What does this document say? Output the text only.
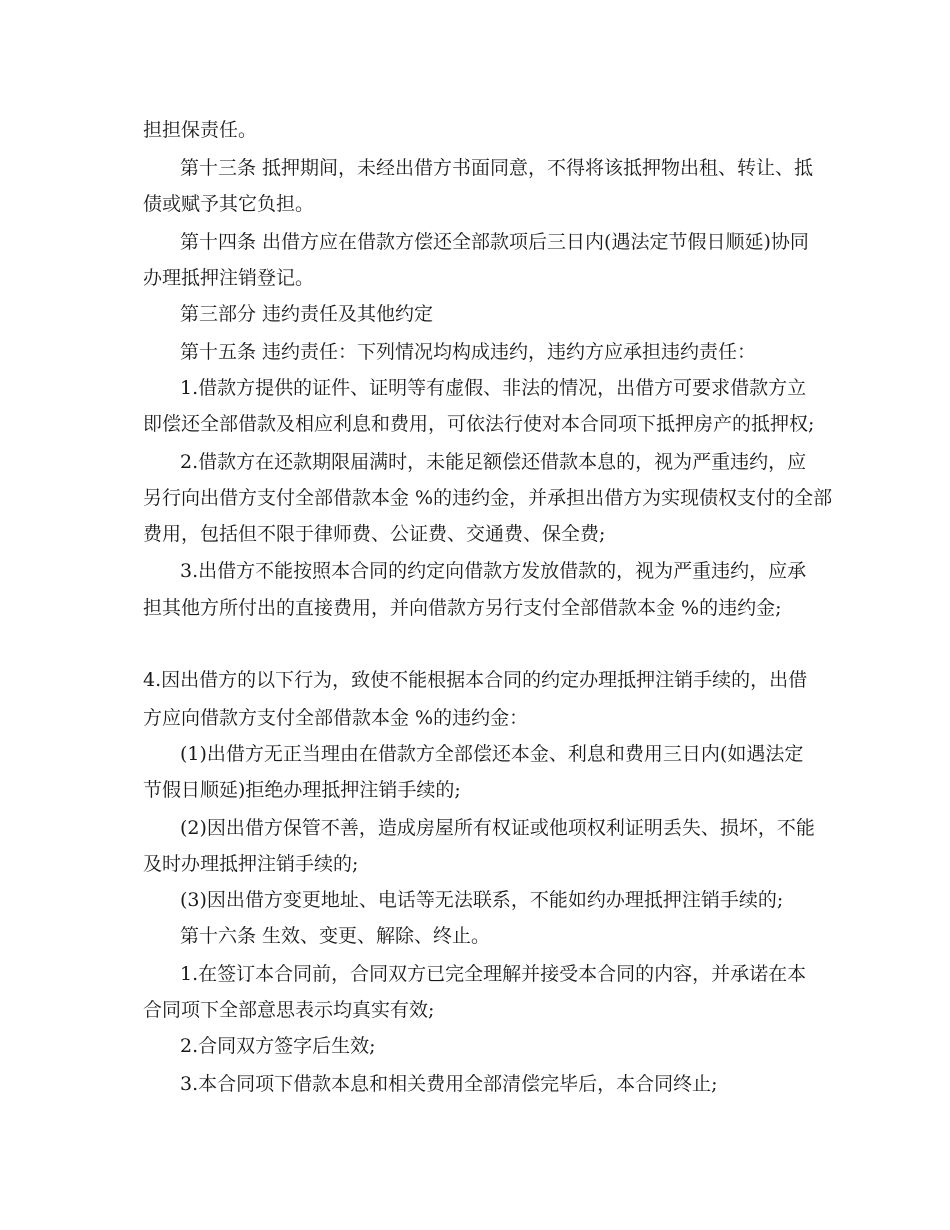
担担保责任。
第十三条 抵押期间，未经出借方书面同意，不得将该抵押物出租、转让、抵
债或赋予其它负担。
第十四条 出借方应在借款方偿还全部款项后三日内(遇法定节假日顺延)协同
办理抵押注销登记。
第三部分 违约责任及其他约定
第十五条 违约责任：下列情况均构成违约，违约方应承担违约责任：
1.借款方提供的证件、证明等有虚假、非法的情况，出借方可要求借款方立
即偿还全部借款及相应利息和费用，可依法行使对本合同项下抵押房产的抵押权;
2.借款方在还款期限届满时，未能足额偿还借款本息的，视为严重违约，应
另行向出借方支付全部借款本金 %的违约金，并承担出借方为实现债权支付的全部
费用，包括但不限于律师费、公证费、交通费、保全费;
3.出借方不能按照本合同的约定向借款方发放借款的，视为严重违约，应承
担其他方所付出的直接费用，并向借款方另行支付全部借款本金 %的违约金;
4.因出借方的以下行为，致使不能根据本合同的约定办理抵押注销手续的，出借
方应向借款方支付全部借款本金 %的违约金：
(1)出借方无正当理由在借款方全部偿还本金、利息和费用三日内(如遇法定
节假日顺延)拒绝办理抵押注销手续的;
(2)因出借方保管不善，造成房屋所有权证或他项权利证明丢失、损坏，不能
及时办理抵押注销手续的;
(3)因出借方变更地址、电话等无法联系，不能如约办理抵押注销手续的;
第十六条 生效、变更、解除、终止。
1.在签订本合同前，合同双方已完全理解并接受本合同的内容，并承诺在本
合同项下全部意思表示均真实有效;
2.合同双方签字后生效;
3.本合同项下借款本息和相关费用全部清偿完毕后，本合同终止;
